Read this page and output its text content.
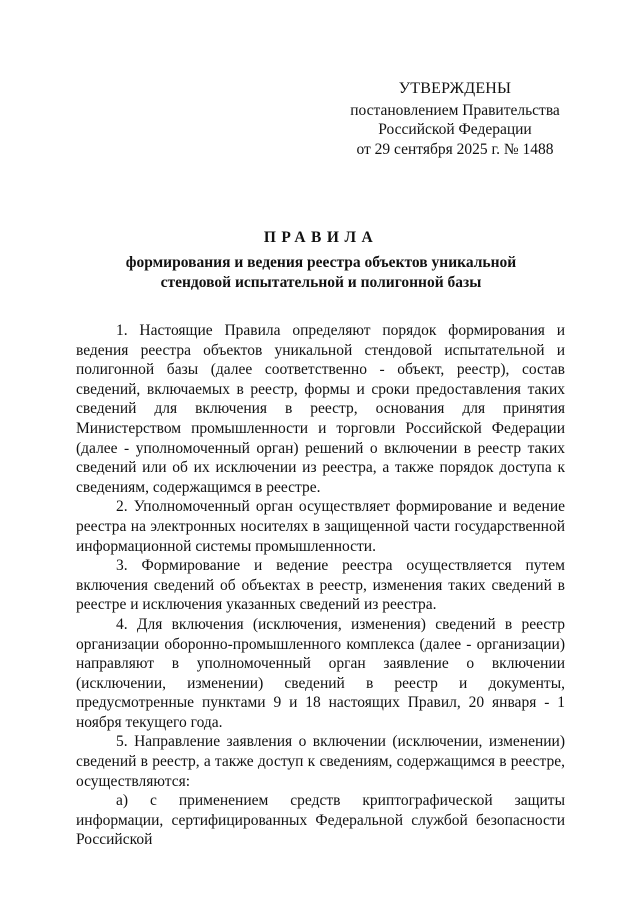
УТВЕРЖДЕНЫ
постановлением Правительства
Российской Федерации
от 29 сентября 2025 г. № 1488
ПРАВИЛА
формирования и ведения реестра объектов уникальной
стендовой испытательной и полигонной базы

1. Настоящие Правила определяют порядок формирования и ведения реестра объектов уникальной стендовой испытательной и полигонной базы (далее соответственно - объект, реестр), состав сведений, включаемых в реестр, формы и сроки предоставления таких сведений для включения в реестр, основания для принятия Министерством промышленности и торговли Российской Федерации (далее - уполномоченный орган) решений о включении в реестр таких сведений или об их исключении из реестра, а также порядок доступа к сведениям, содержащимся в реестре.

2. Уполномоченный орган осуществляет формирование и ведение реестра на электронных носителях в защищенной части государственной информационной системы промышленности.

3. Формирование и ведение реестра осуществляется путем включения сведений об объектах в реестр, изменения таких сведений в реестре и исключения указанных сведений из реестра.

4. Для включения (исключения, изменения) сведений в реестр организации оборонно-промышленного комплекса (далее - организации) направляют в уполномоченный орган заявление о включении (исключении, изменении) сведений в реестр и документы, предусмотренные пунктами 9 и 18 настоящих Правил, 20 января - 1 ноября текущего года.

5. Направление заявления о включении (исключении, изменении) сведений в реестр, а также доступ к сведениям, содержащимся в реестре, осуществляются:

а) с применением средств криптографической защиты информации, сертифицированных Федеральной службой безопасности Российской
